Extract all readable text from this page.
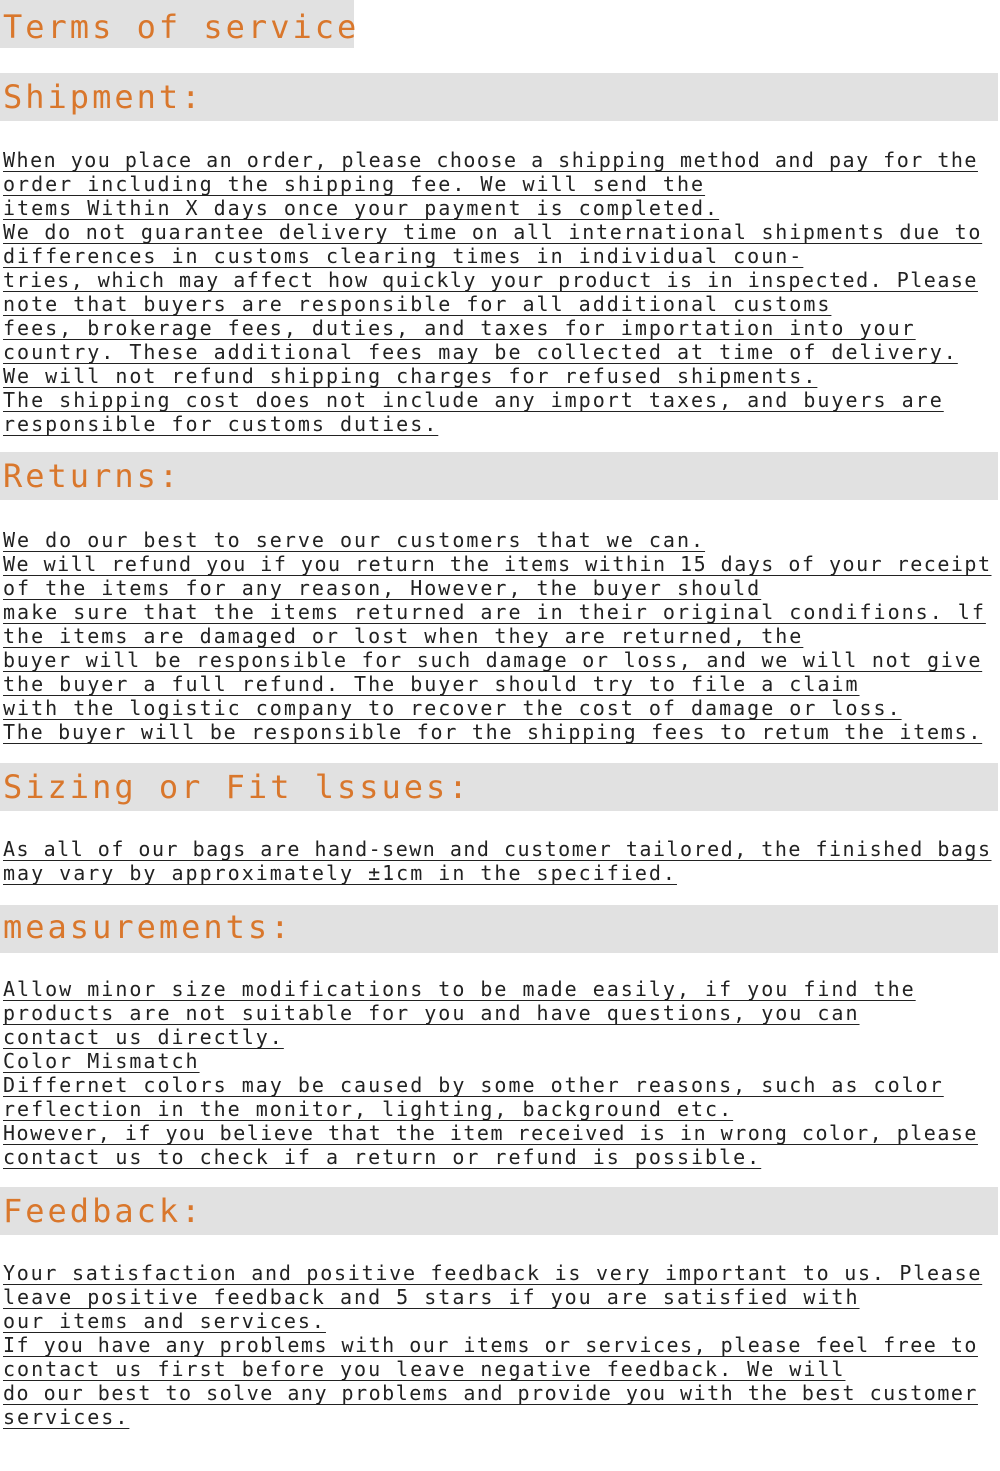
Terms of service
Shipment:
When you place an order, please choose a shipping method and pay for the
order including the shipping fee. We will send the
items Within X days once your payment is completed.
We do not guarantee delivery time on all international shipments due to
differences in customs clearing times in individual coun-
tries, which may affect how quickly your product is in inspected. Please
note that buyers are responsible for all additional customs
fees, brokerage fees, duties, and taxes for importation into your
country. These additional fees may be collected at time of delivery.
We will not refund shipping charges for refused shipments.
The shipping cost does not include any import taxes, and buyers are
responsible for customs duties.
Returns:
We do our best to serve our customers that we can.
We will refund you if you return the items within 15 days of your receipt
of the items for any reason, However, the buyer should
make sure that the items returned are in their original condifions. lf
the items are damaged or lost when they are returned, the
buyer will be responsible for such damage or loss, and we will not give
the buyer a full refund. The buyer should try to file a claim
with the logistic company to recover the cost of damage or loss.
The buyer will be responsible for the shipping fees to retum the items.
Sizing or Fit lssues:
As all of our bags are hand-sewn and customer tailored, the finished bags
may vary by approximately ±1cm in the specified.
measurements:
Allow minor size modifications to be made easily, if you find the
products are not suitable for you and have questions, you can
contact us directly.
Color Mismatch
Differnet colors may be caused by some other reasons, such as color
reflection in the monitor, lighting, background etc.
However, if you believe that the item received is in wrong color, please
contact us to check if a return or refund is possible.
Feedback:
Your satisfaction and positive feedback is very important to us. Please
leave positive feedback and 5 stars if you are satisfied with
our items and services.
If you have any problems with our items or services, please feel free to
contact us first before you leave negative feedback. We will
do our best to solve any problems and provide you with the best customer
services.
